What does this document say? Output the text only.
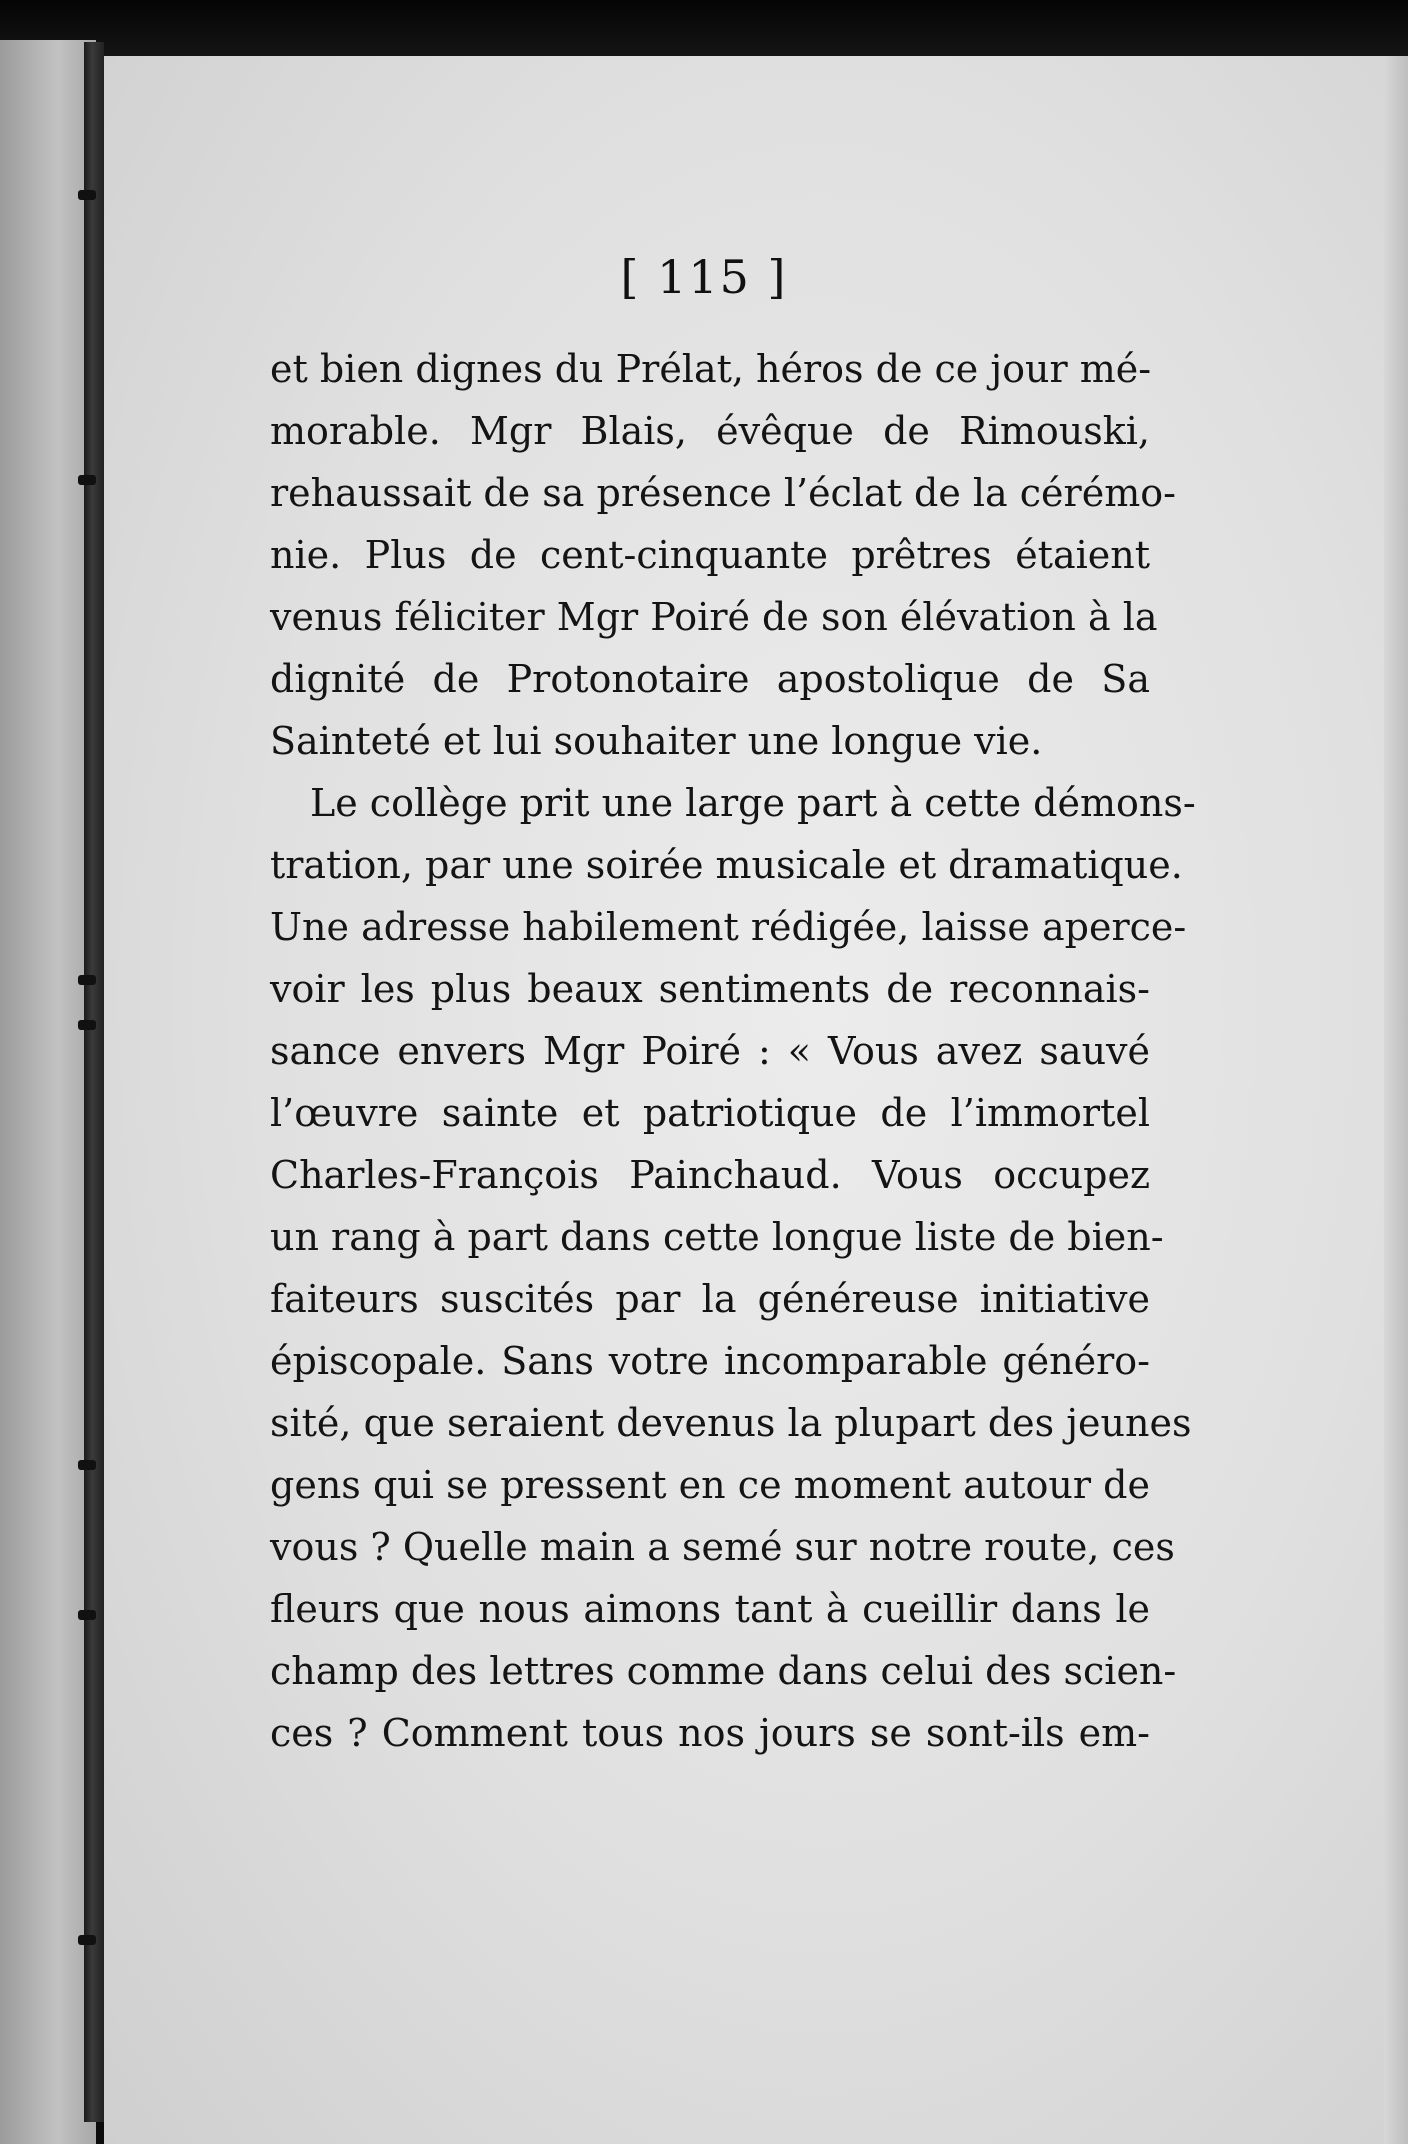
[ 115 ]
et bien dignes du Prélat, héros de ce jour mé-
morable. Mgr Blais, évêque de Rimouski,
rehaussait de sa présence l’éclat de la cérémo-
nie. Plus de cent-cinquante prêtres étaient
venus féliciter Mgr Poiré de son élévation à la
dignité de Protonotaire apostolique de Sa
Sainteté et lui souhaiter une longue vie.
Le collège prit une large part à cette démons-
tration, par une soirée musicale et dramatique.
Une adresse habilement rédigée, laisse aperce-
voir les plus beaux sentiments de reconnais-
sance envers Mgr Poiré : « Vous avez sauvé
l’œuvre sainte et patriotique de l’immortel
Charles-François Painchaud. Vous occupez
un rang à part dans cette longue liste de bien-
faiteurs suscités par la généreuse initiative
épiscopale. Sans votre incomparable généro-
sité, que seraient devenus la plupart des jeunes
gens qui se pressent en ce moment autour de
vous ? Quelle main a semé sur notre route, ces
fleurs que nous aimons tant à cueillir dans le
champ des lettres comme dans celui des scien-
ces ? Comment tous nos jours se sont-ils em-
